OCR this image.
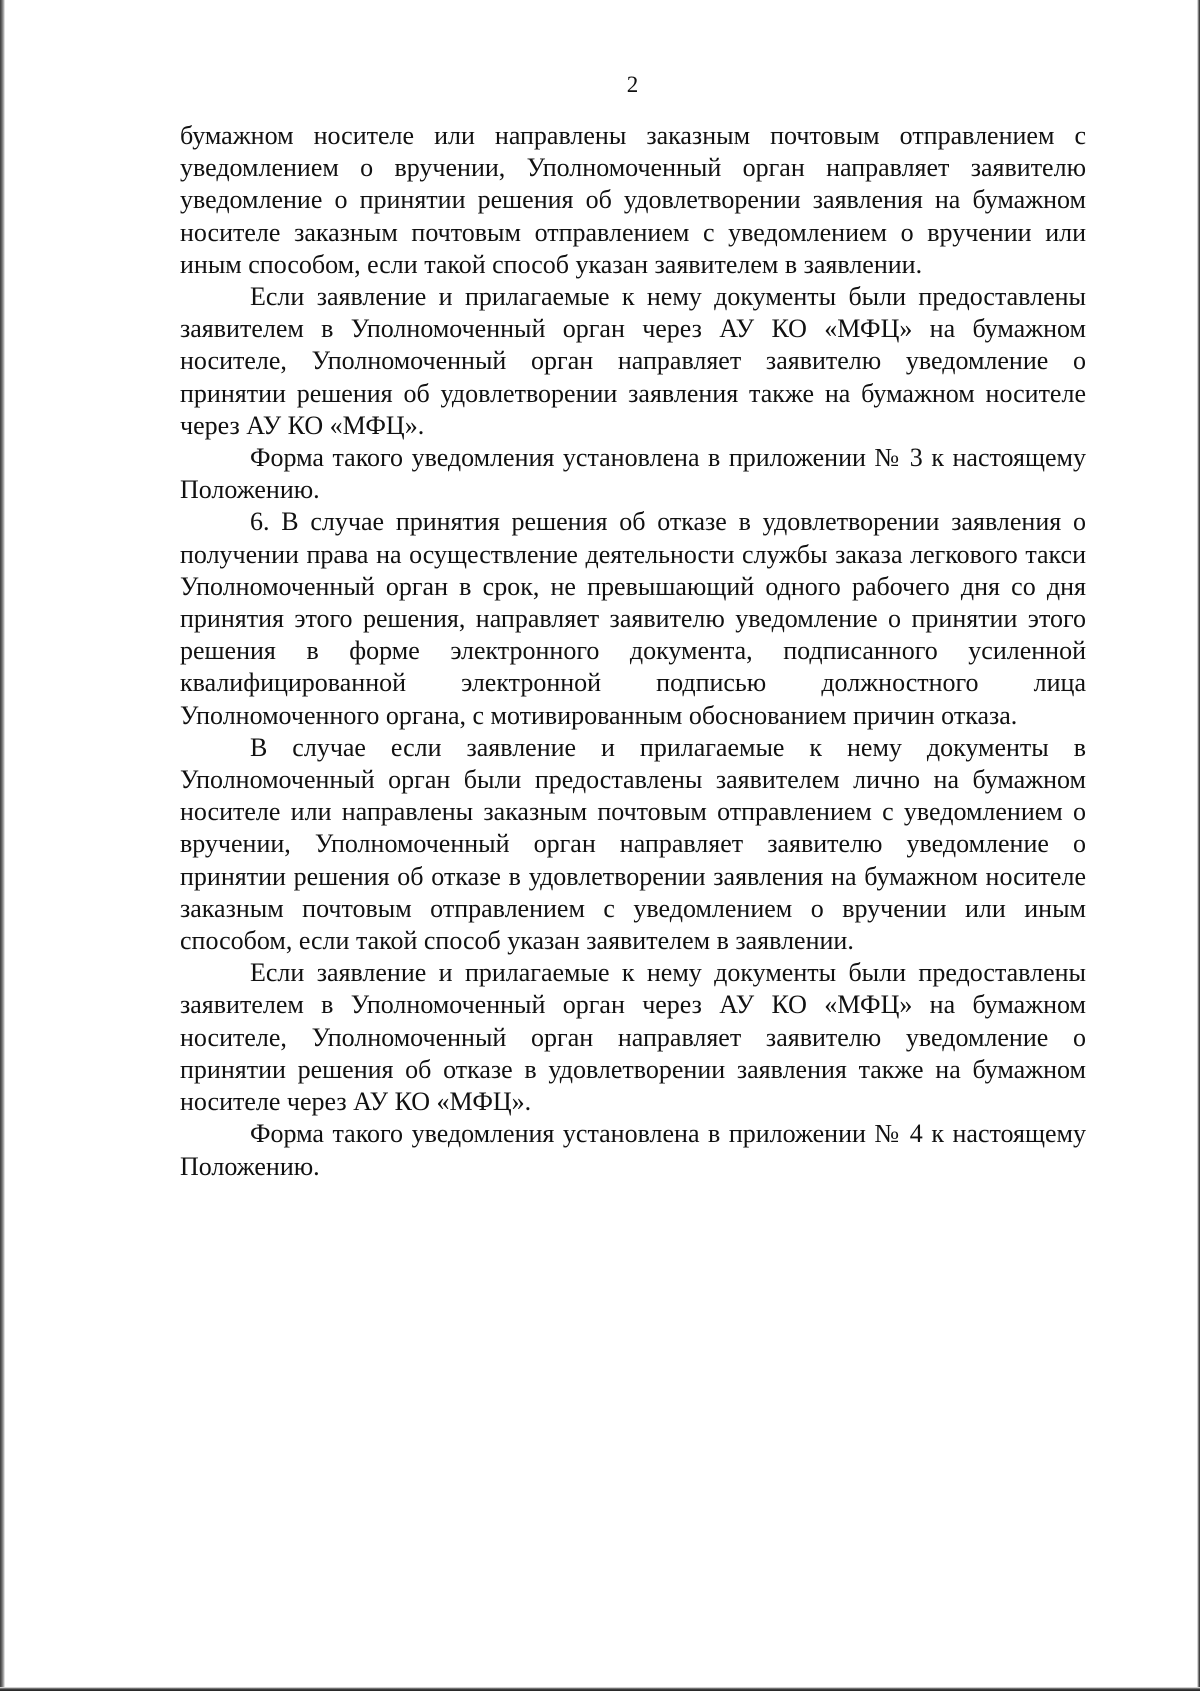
2

бумажном носителе или направлены заказным почтовым отправлением с уведомлением о вручении, Уполномоченный орган направляет заявителю уведомление о принятии решения об удовлетворении заявления на бумажном носителе заказным почтовым отправлением с уведомлением о вручении или иным способом, если такой способ указан заявителем в заявлении.

Если заявление и прилагаемые к нему документы были предоставлены заявителем в Уполномоченный орган через АУ КО «МФЦ» на бумажном носителе, Уполномоченный орган направляет заявителю уведомление о принятии решения об удовлетворении заявления также на бумажном носителе через АУ КО «МФЦ».

Форма такого уведомления установлена в приложении № 3 к настоящему Положению.

6. В случае принятия решения об отказе в удовлетворении заявления о получении права на осуществление деятельности службы заказа легкового такси Уполномоченный орган в срок, не превышающий одного рабочего дня со дня принятия этого решения, направляет заявителю уведомление о принятии этого решения в форме электронного документа, подписанного усиленной квалифицированной электронной подписью должностного лица Уполномоченного органа, с мотивированным обоснованием причин отказа.

В случае если заявление и прилагаемые к нему документы в Уполномоченный орган были предоставлены заявителем лично на бумажном носителе или направлены заказным почтовым отправлением с уведомлением о вручении, Уполномоченный орган направляет заявителю уведомление о принятии решения об отказе в удовлетворении заявления на бумажном носителе заказным почтовым отправлением с уведомлением о вручении или иным способом, если такой способ указан заявителем в заявлении.

Если заявление и прилагаемые к нему документы были предоставлены заявителем в Уполномоченный орган через АУ КО «МФЦ» на бумажном носителе, Уполномоченный орган направляет заявителю уведомление о принятии решения об отказе в удовлетворении заявления также на бумажном носителе через АУ КО «МФЦ».

Форма такого уведомления установлена в приложении № 4 к настоящему Положению.
